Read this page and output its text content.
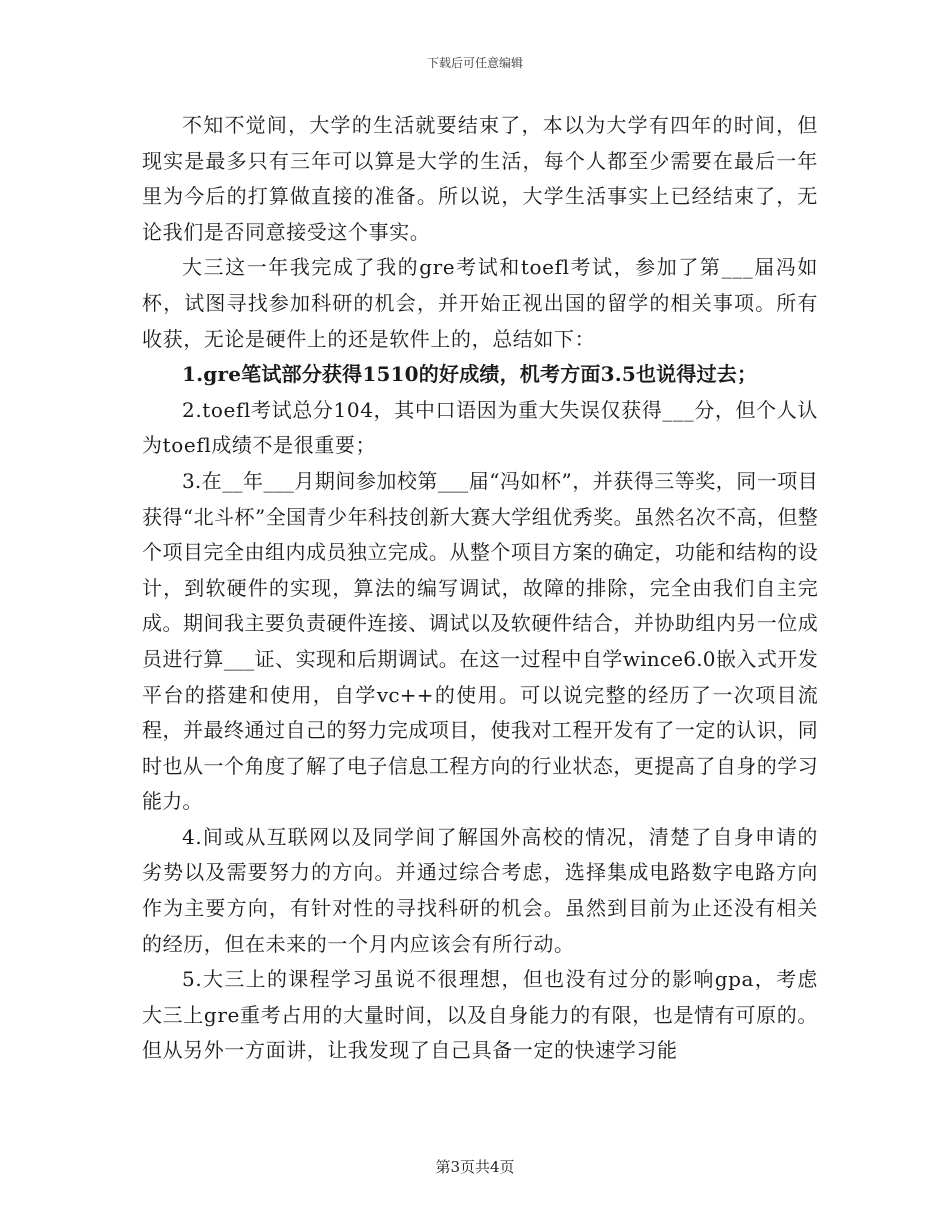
下载后可任意编辑

不知不觉间，大学的生活就要结束了，本以为大学有四年的时间，但现实是最多只有三年可以算是大学的生活，每个人都至少需要在最后一年里为今后的打算做直接的准备。所以说，大学生活事实上已经结束了，无论我们是否同意接受这个事实。

大三这一年我完成了我的gre考试和toefl考试，参加了第___届冯如杯，试图寻找参加科研的机会，并开始正视出国的留学的相关事项。所有收获，无论是硬件上的还是软件上的，总结如下：

1.gre笔试部分获得1510的好成绩，机考方面3.5也说得过去；

2.toefl考试总分104，其中口语因为重大失误仅获得___分，但个人认为toefl成绩不是很重要；

3.在__年___月期间参加校第___届“冯如杯”，并获得三等奖，同一项目获得“北斗杯”全国青少年科技创新大赛大学组优秀奖。虽然名次不高，但整个项目完全由组内成员独立完成。从整个项目方案的确定，功能和结构的设计，到软硬件的实现，算法的编写调试，故障的排除，完全由我们自主完成。期间我主要负责硬件连接、调试以及软硬件结合，并协助组内另一位成员进行算___证、实现和后期调试。在这一过程中自学wince6.0嵌入式开发平台的搭建和使用，自学vc++的使用。可以说完整的经历了一次项目流程，并最终通过自己的努力完成项目，使我对工程开发有了一定的认识，同时也从一个角度了解了电子信息工程方向的行业状态，更提高了自身的学习能力。

4.间或从互联网以及同学间了解国外高校的情况，清楚了自身申请的劣势以及需要努力的方向。并通过综合考虑，选择集成电路数字电路方向作为主要方向，有针对性的寻找科研的机会。虽然到目前为止还没有相关的经历，但在未来的一个月内应该会有所行动。

5.大三上的课程学习虽说不很理想，但也没有过分的影响gpa，考虑大三上gre重考占用的大量时间，以及自身能力的有限，也是情有可原的。但从另外一方面讲，让我发现了自己具备一定的快速学习能

第3页共4页
